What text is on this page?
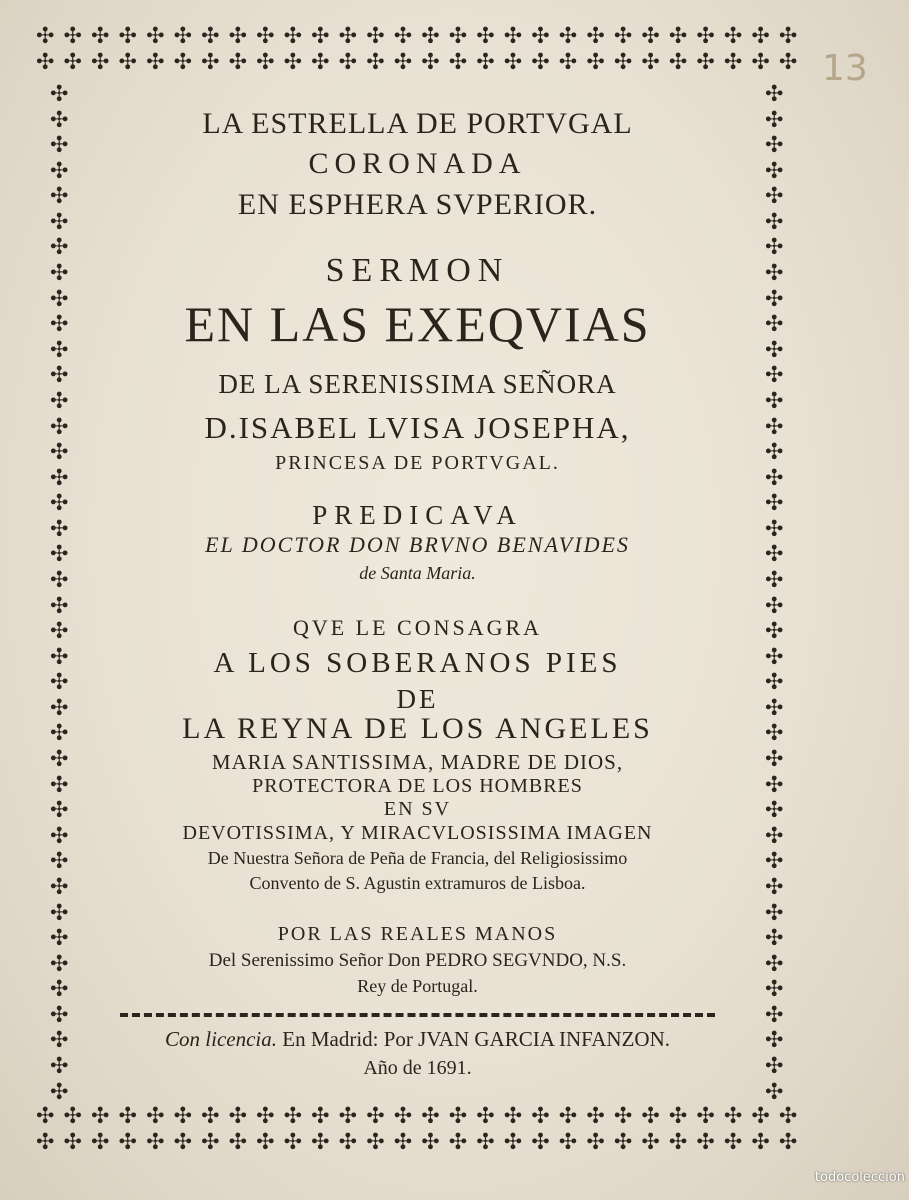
13
✣
✣
✣
✣
✣
✣
✣
✣
✣
✣
✣
✣
✣
✣
✣
✣
✣
✣
✣
✣
✣
✣
✣
✣
✣
✣
✣
✣
✣
✣
✣
✣
✣
✣
✣
✣
✣
✣
✣
✣
✣
✣
✣
✣
✣
✣
✣
✣
✣
✣
✣
✣
✣
✣
✣
✣
✣
✣
✣
✣
✣
✣
✣
✣
✣
✣
✣
✣
✣
✣
✣
✣
✣
✣
✣
✣
✣
✣
✣
✣
✣
✣
✣
✣
✣
✣
✣
✣
✣
✣
✣
✣
✣
✣
✣
✣
✣
✣
✣
✣
✣
✣
✣
✣
✣
✣
✣
✣
✣
✣
✣
✣
✣
✣
✣
✣
✣
✣
✣
✣
✣
✣
✣
✣
✣
✣
✣
✣
✣
✣
✣
✣
✣
✣
✣
✣
✣
✣
✣
✣
✣
✣
✣
✣
✣
✣
✣
✣
✣
✣
✣
✣
✣
✣
✣
✣
✣
✣
✣
✣
✣
✣
✣
✣
✣
✣
✣
✣
✣
✣
✣
✣
✣
✣
✣
✣
✣
✣
✣
✣
✣
✣
✣
✣
✣
✣
✣
✣
✣
✣
✣
✣
LA ESTRELLA DE PORTVGAL
CORONADA
EN ESPHERA SVPERIOR.
SERMON
EN LAS EXEQVIAS
DE LA SERENISSIMA SEÑORA
D.ISABEL LVISA JOSEPHA,
PRINCESA DE PORTVGAL.
PREDICAVA
EL DOCTOR DON BRVNO BENAVIDES
de Santa Maria.
QVE LE CONSAGRA
A LOS SOBERANOS PIES
DE
LA REYNA DE LOS ANGELES
MARIA SANTISSIMA, MADRE DE DIOS,
PROTECTORA DE LOS HOMBRES
EN SV
DEVOTISSIMA, Y MIRACVLOSISSIMA IMAGEN
De Nuestra Señora de Peña de Francia, del Religiosissimo
Convento de S. Agustin extramuros de Lisboa.
POR LAS REALES MANOS
Del Serenissimo Señor Don PEDRO SEGVNDO, N.S.
Rey de Portugal.
Con licencia. En Madrid: Por JVAN GARCIA INFANZON.
Año de 1691.
todocoleccion
